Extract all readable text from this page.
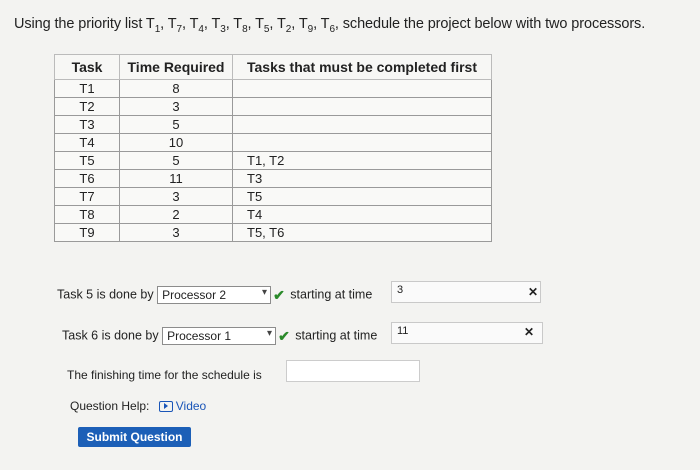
Using the priority list $T_1$, $T_7$, $T_4$, $T_3$, $T_8$, $T_5$, $T_2$, $T_9$, $T_6$, schedule the project below with two processors.
Task	Time Required	Tasks that must be completed first
T1	8	
T2	3	
T3	5	
T4	10	
T5	5	T1, T2
T6	11	T3
T7	3	T5
T8	2	T4
T9	3	T5, T6
Task 5 is done by Processor 2	▾ ✔ starting at time	3	✕
Task 6 is done by Processor 1	▾ ✔ starting at time	11	✕
The finishing time for the schedule is
Question Help: Video
Submit Question
